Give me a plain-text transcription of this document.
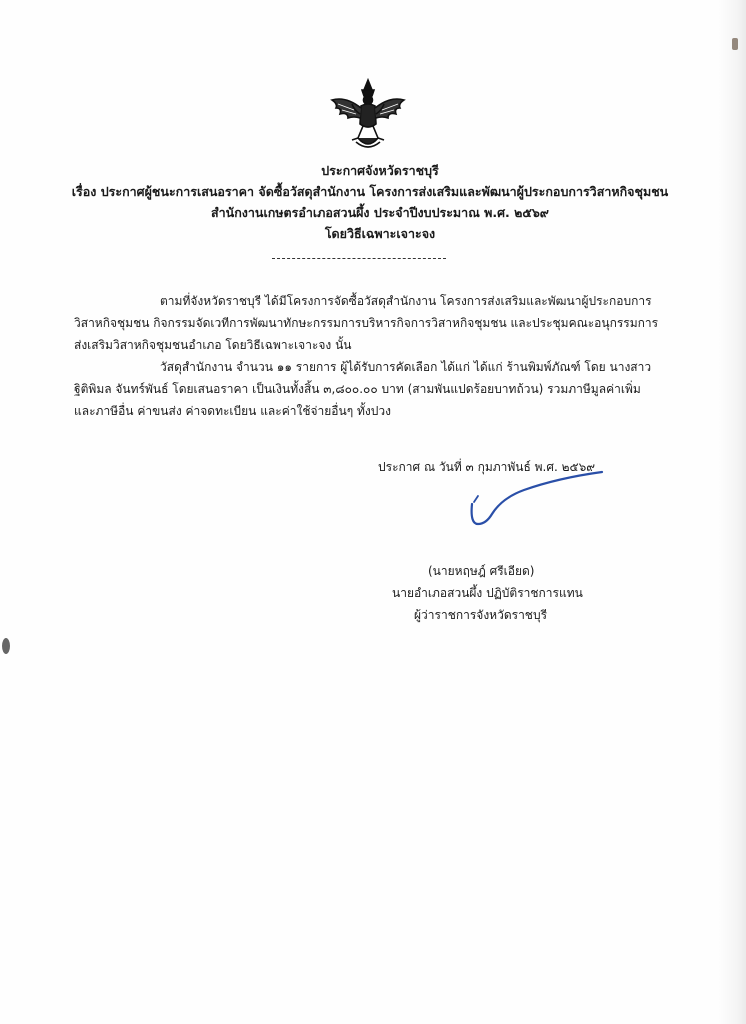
ประกาศจังหวัดราชบุรี
เรื่อง ประกาศผู้ชนะการเสนอราคา จัดซื้อวัสดุสำนักงาน โครงการส่งเสริมและพัฒนาผู้ประกอบการวิสาหกิจชุมชน
สำนักงานเกษตรอำเภอสวนผึ้ง ประจำปีงบประมาณ พ.ศ. ๒๕๖๙
โดยวิธีเฉพาะเจาะจง
ตามที่จังหวัดราชบุรี ได้มีโครงการจัดซื้อวัสดุสำนักงาน โครงการส่งเสริมและพัฒนาผู้ประกอบการ
วิสาหกิจชุมชน กิจกรรมจัดเวทีการพัฒนาทักษะกรรมการบริหารกิจการวิสาหกิจชุมชน และประชุมคณะอนุกรรมการ
ส่งเสริมวิสาหกิจชุมชนอำเภอ โดยวิธีเฉพาะเจาะจง นั้น
วัสดุสำนักงาน จำนวน ๑๑ รายการ ผู้ได้รับการคัดเลือก ได้แก่ ได้แก่ ร้านพิมพ์ภัณฑ์ โดย นางสาว
ฐิติพิมล จันทร์พันธ์ โดยเสนอราคา เป็นเงินทั้งสิ้น ๓,๘๐๐.๐๐ บาท (สามพันแปดร้อยบาทถ้วน) รวมภาษีมูลค่าเพิ่ม
และภาษีอื่น ค่าขนส่ง ค่าจดทะเบียน และค่าใช้จ่ายอื่นๆ ทั้งปวง
ประกาศ ณ วันที่ ๓ กุมภาพันธ์ พ.ศ. ๒๕๖๙
(นายหฤษฎ์ ศรีเอียด)
นายอำเภอสวนผึ้ง ปฏิบัติราชการแทน
ผู้ว่าราชการจังหวัดราชบุรี
